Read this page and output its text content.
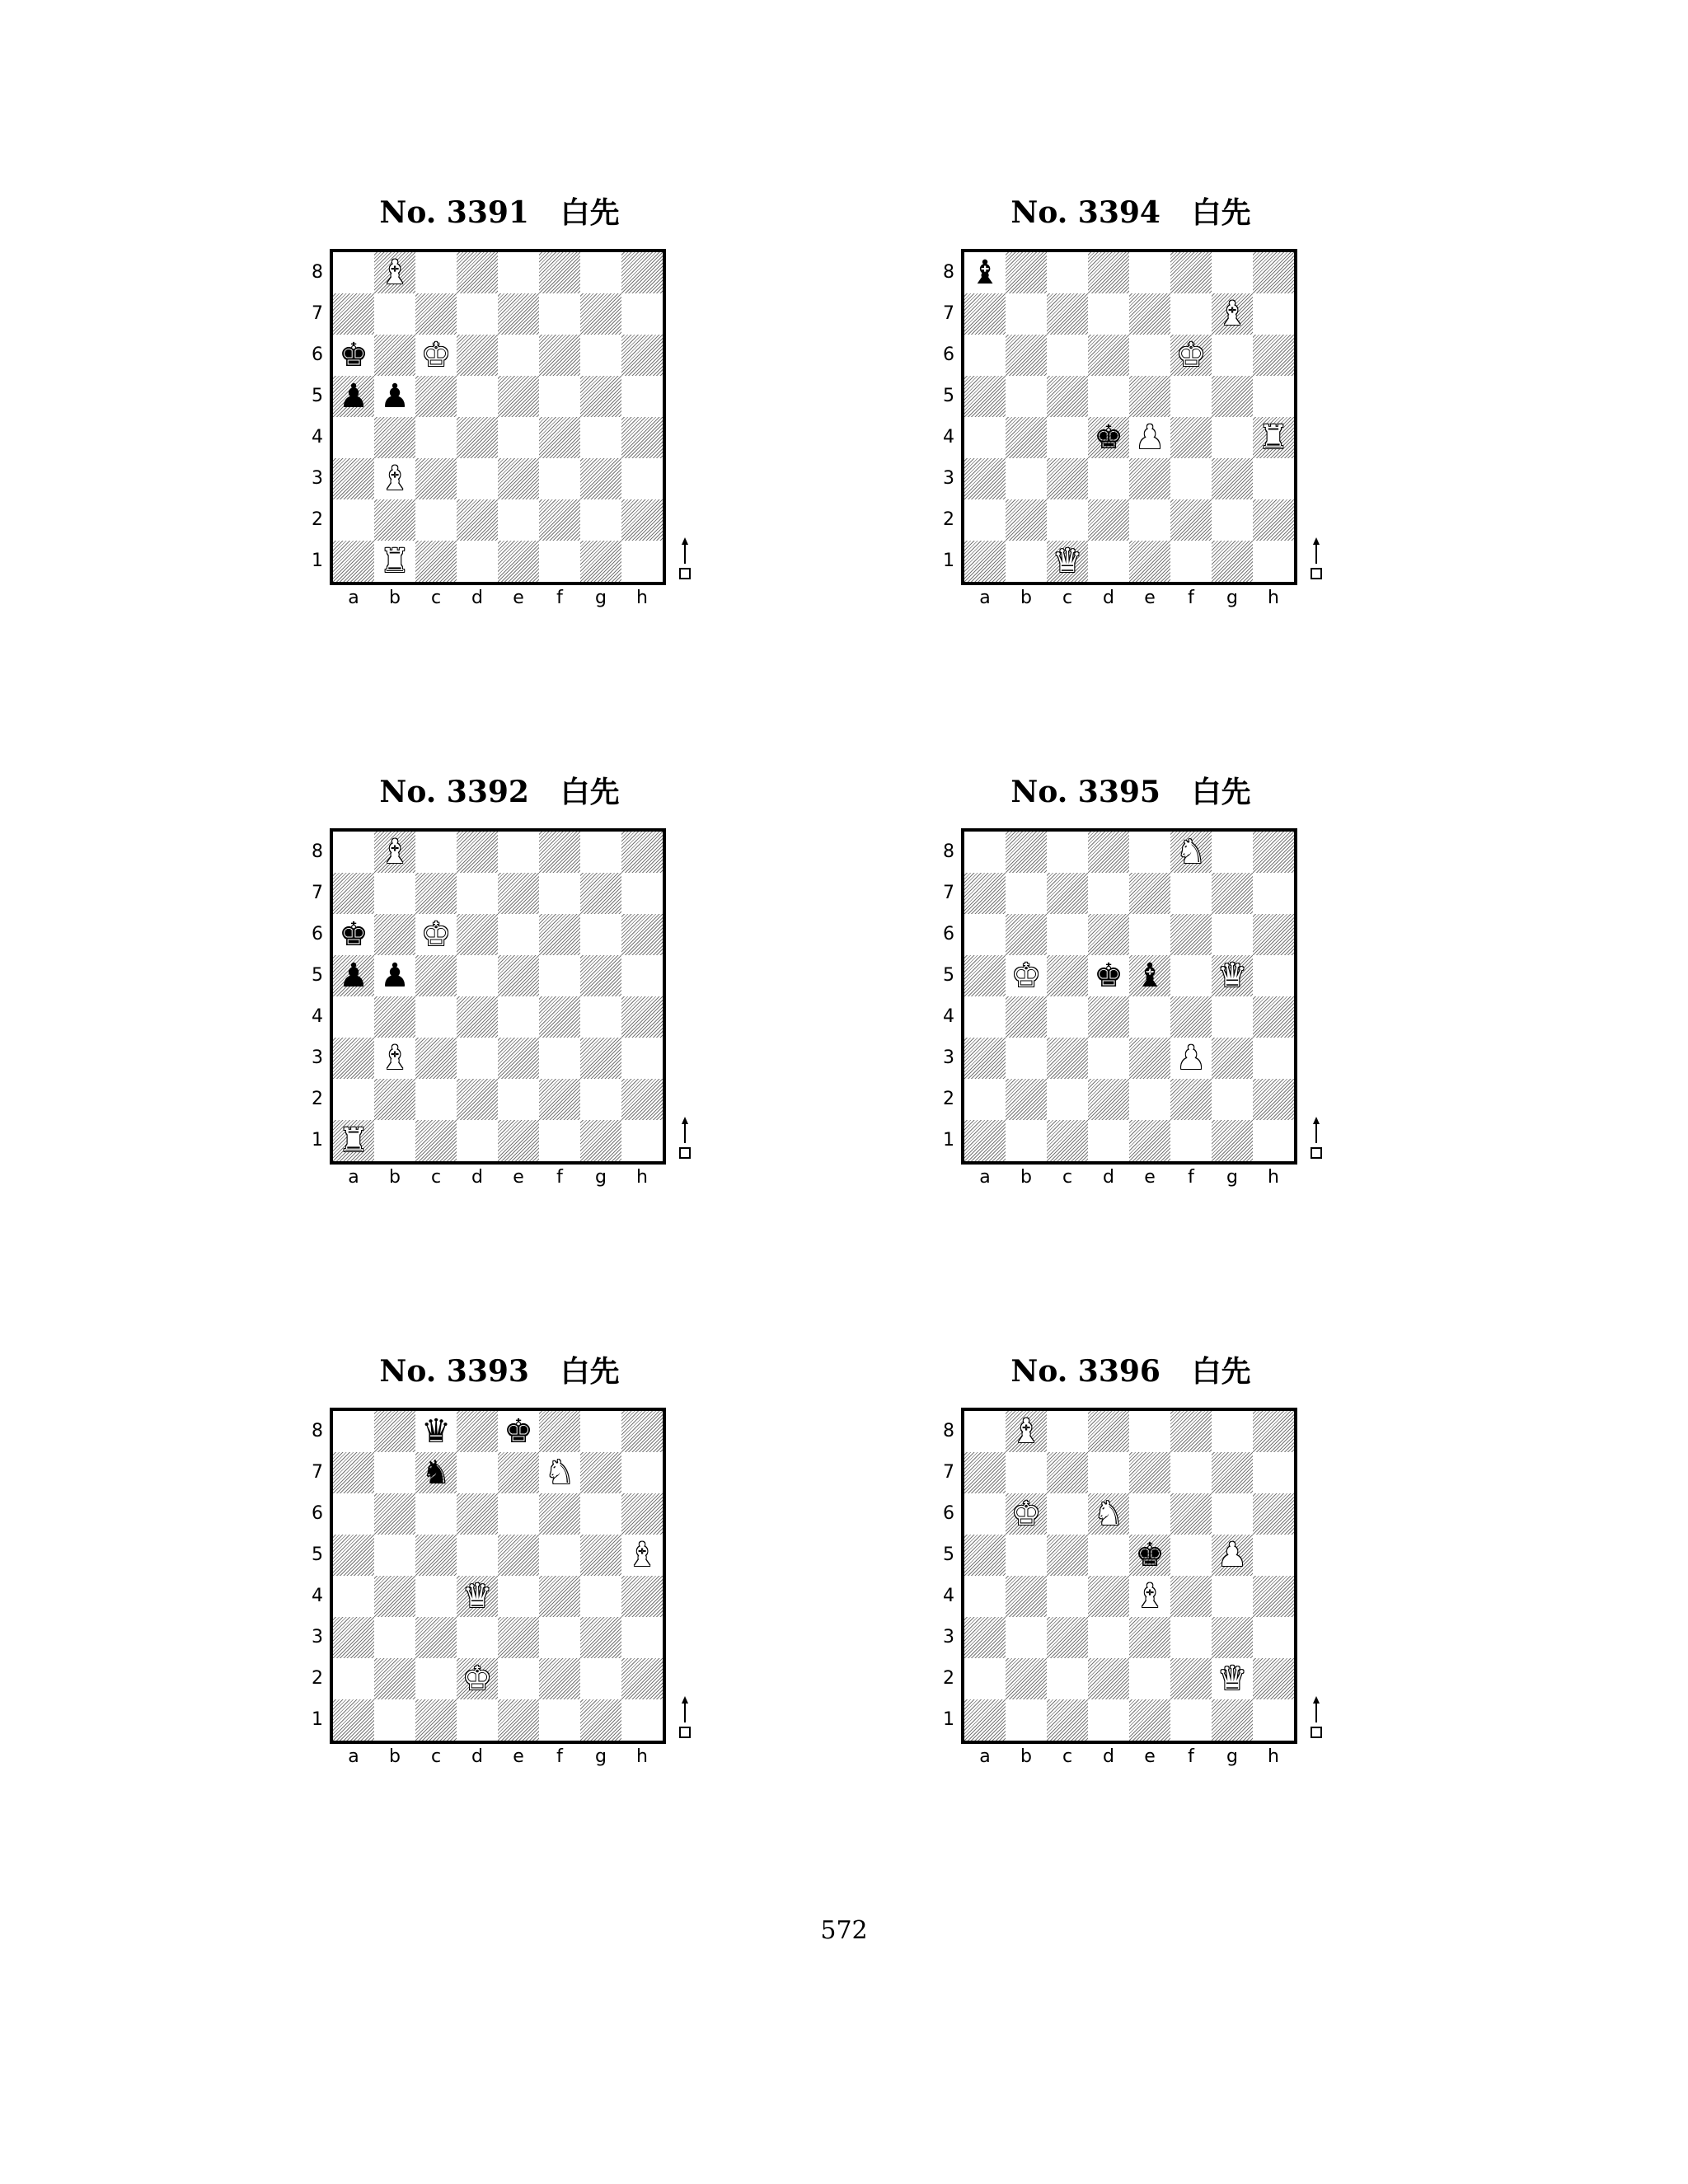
No. 3391   白先
♝
♚ ♚
♟ ♟
♝
♜
8
7
6
5
4
3
2
1
a	b	c	d	e	f	g	h
No. 3394   白先
♝
♝
♚
♚ ♟	♜
♛
8
7
6
5
4
3
2
1
a	b	c	d	e	f	g	h
No. 3392   白先
♝
♚ ♚
♟ ♟
♝
♜
8
7
6
5
4
3
2
1
a	b	c	d	e	f	g	h
No. 3395   白先
♞
♚ ♚ ♝ ♛
♟
8
7
6
5
4
3
2
1
a	b	c	d	e	f	g	h
No. 3393   白先
♛ ♚
♞	♞
♝
♛
♚
8
7
6
5
4
3
2
1
a	b	c	d	e	f	g	h
No. 3396   白先
♝
♚ ♞
♚ ♟
♝
♛
8
7
6
5
4
3
2
1
a	b	c	d	e	f	g	h
572
